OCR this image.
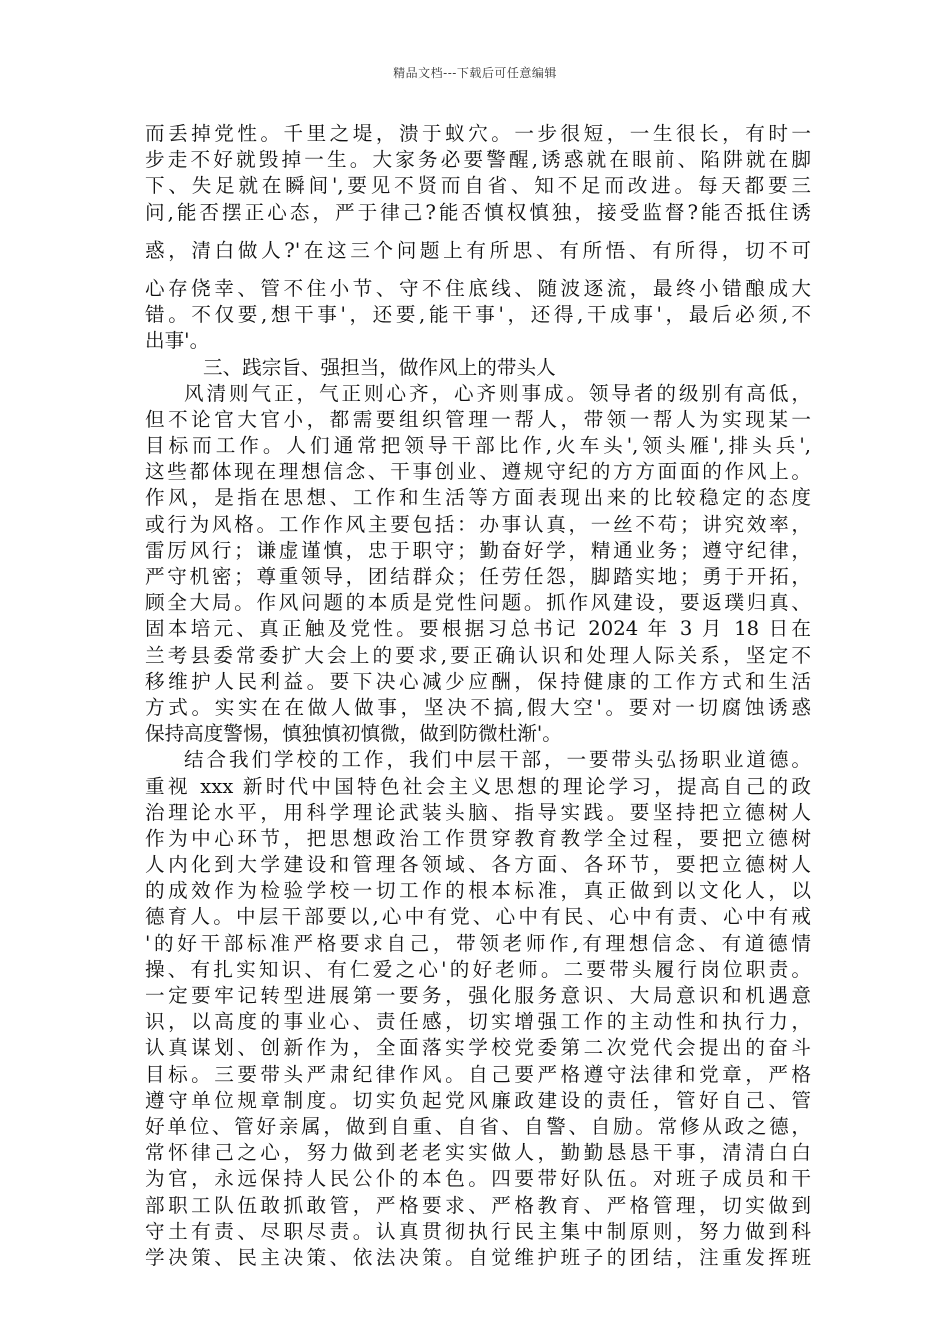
精品文档---下载后可任意编辑
而丢掉党性。千里之堤，溃于蚁穴。一步很短，一生很长，有时一
步走不好就毁掉一生。大家务必要警醒,诱惑就在眼前、陷阱就在脚
下、失足就在瞬间',要见不贤而自省、知不足而改进。每天都要三
问,能否摆正心态，严于律己?能否慎权慎独，接受监督?能否抵住诱
惑，清白做人?'在这三个问题上有所思、有所悟、有所得，切不可
心存侥幸、管不住小节、守不住底线、随波逐流，最终小错酿成大
错。不仅要,想干事'，还要,能干事'，还得,干成事'，最后必须,不
出事'。
三、践宗旨、强担当，做作风上的带头人
风清则气正，气正则心齐，心齐则事成。领导者的级别有高低，
但不论官大官小，都需要组织管理一帮人，带领一帮人为实现某一
目标而工作。人们通常把领导干部比作,火车头',领头雁',排头兵',
这些都体现在理想信念、干事创业、遵规守纪的方方面面的作风上。
作风，是指在思想、工作和生活等方面表现出来的比较稳定的态度
或行为风格。工作作风主要包括：办事认真，一丝不苟；讲究效率，
雷厉风行；谦虚谨慎，忠于职守；勤奋好学，精通业务；遵守纪律，
严守机密；尊重领导，团结群众；任劳任怨，脚踏实地；勇于开拓，
顾全大局。作风问题的本质是党性问题。抓作风建设，要返璞归真、
固本培元、真正触及党性。要根据习总书记 2024 年 3 月 18 日在
兰考县委常委扩大会上的要求,要正确认识和处理人际关系，坚定不
移维护人民利益。要下决心减少应酬，保持健康的工作方式和生活
方式。实实在在做人做事，坚决不搞,假大空'。要对一切腐蚀诱惑
保持高度警惕，慎独慎初慎微，做到防微杜渐'。
结合我们学校的工作，我们中层干部，一要带头弘扬职业道德。
重视 xxx 新时代中国特色社会主义思想的理论学习，提高自己的政
治理论水平，用科学理论武装头脑、指导实践。要坚持把立德树人
作为中心环节，把思想政治工作贯穿教育教学全过程，要把立德树
人内化到大学建设和管理各领域、各方面、各环节，要把立德树人
的成效作为检验学校一切工作的根本标准，真正做到以文化人，以
德育人。中层干部要以,心中有党、心中有民、心中有责、心中有戒
'的好干部标准严格要求自己，带领老师作,有理想信念、有道德情
操、有扎实知识、有仁爱之心'的好老师。二要带头履行岗位职责。
一定要牢记转型进展第一要务，强化服务意识、大局意识和机遇意
识，以高度的事业心、责任感，切实增强工作的主动性和执行力，
认真谋划、创新作为，全面落实学校党委第二次党代会提出的奋斗
目标。三要带头严肃纪律作风。自己要严格遵守法律和党章，严格
遵守单位规章制度。切实负起党风廉政建设的责任，管好自己、管
好单位、管好亲属，做到自重、自省、自警、自励。常修从政之德，
常怀律己之心，努力做到老老实实做人，勤勤恳恳干事，清清白白
为官，永远保持人民公仆的本色。四要带好队伍。对班子成员和干
部职工队伍敢抓敢管，严格要求、严格教育、严格管理，切实做到
守土有责、尽职尽责。认真贯彻执行民主集中制原则，努力做到科
学决策、民主决策、依法决策。自觉维护班子的团结，注重发挥班
